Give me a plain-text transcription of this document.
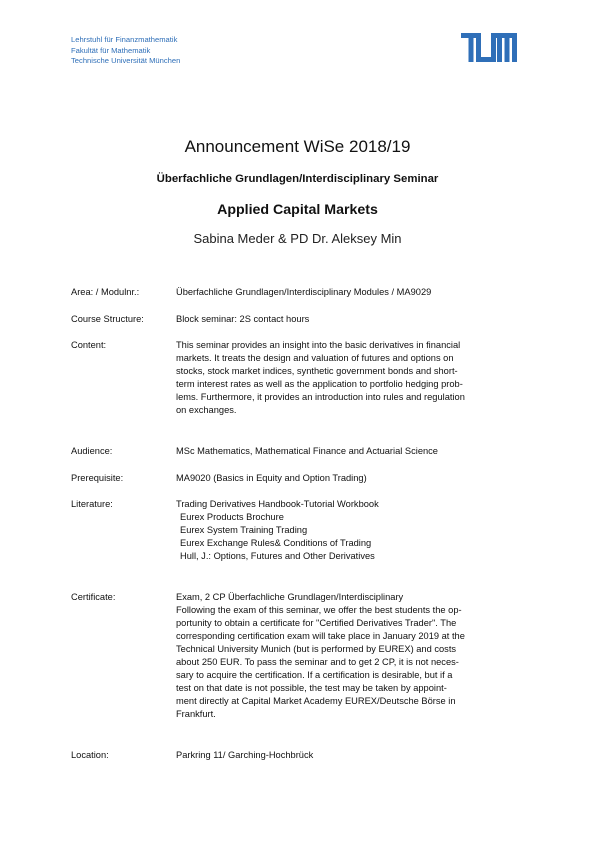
Lehrstuhl für Finanzmathematik
Fakultät für Mathematik
Technische Universität München
Announcement WiSe 2018/19
Überfachliche Grundlagen/Interdisciplinary Seminar
Applied Capital Markets
Sabina Meder & PD Dr. Aleksey Min
Area: / Modulnr.:	Überfachliche Grundlagen/Interdisciplinary Modules / MA9029
Course Structure:	Block seminar: 2S contact hours
Content:	This seminar provides an insight into the basic derivatives in financial
markets. It treats the design and valuation of futures and options on
stocks, stock market indices, synthetic government bonds and short-
term interest rates as well as the application to portfolio hedging prob-
lems. Furthermore, it provides an introduction into rules and regulation
on exchanges.
Audience:	MSc Mathematics, Mathematical Finance and Actuarial Science
Prerequisite:	MA9020 (Basics in Equity and Option Trading)
Literature:	Trading Derivatives Handbook-Tutorial Workbook
Eurex Products Brochure
Eurex System Training Trading
Eurex Exchange Rules& Conditions of Trading
Hull, J.: Options, Futures and Other Derivatives
Certificate:	Exam, 2 CP Überfachliche Grundlagen/Interdisciplinary
Following the exam of this seminar, we offer the best students the op-
portunity to obtain a certificate for "Certified Derivatives Trader". The
corresponding certification exam will take place in January 2019 at the
Technical University Munich (but is performed by EUREX) and costs
about 250 EUR. To pass the seminar and to get 2 CP, it is not neces-
sary to acquire the certification. If a certification is desirable, but if a
test on that date is not possible, the test may be taken by appoint-
ment directly at Capital Market Academy EUREX/Deutsche Börse in
Frankfurt.
Location:	Parkring 11/ Garching-Hochbrück
